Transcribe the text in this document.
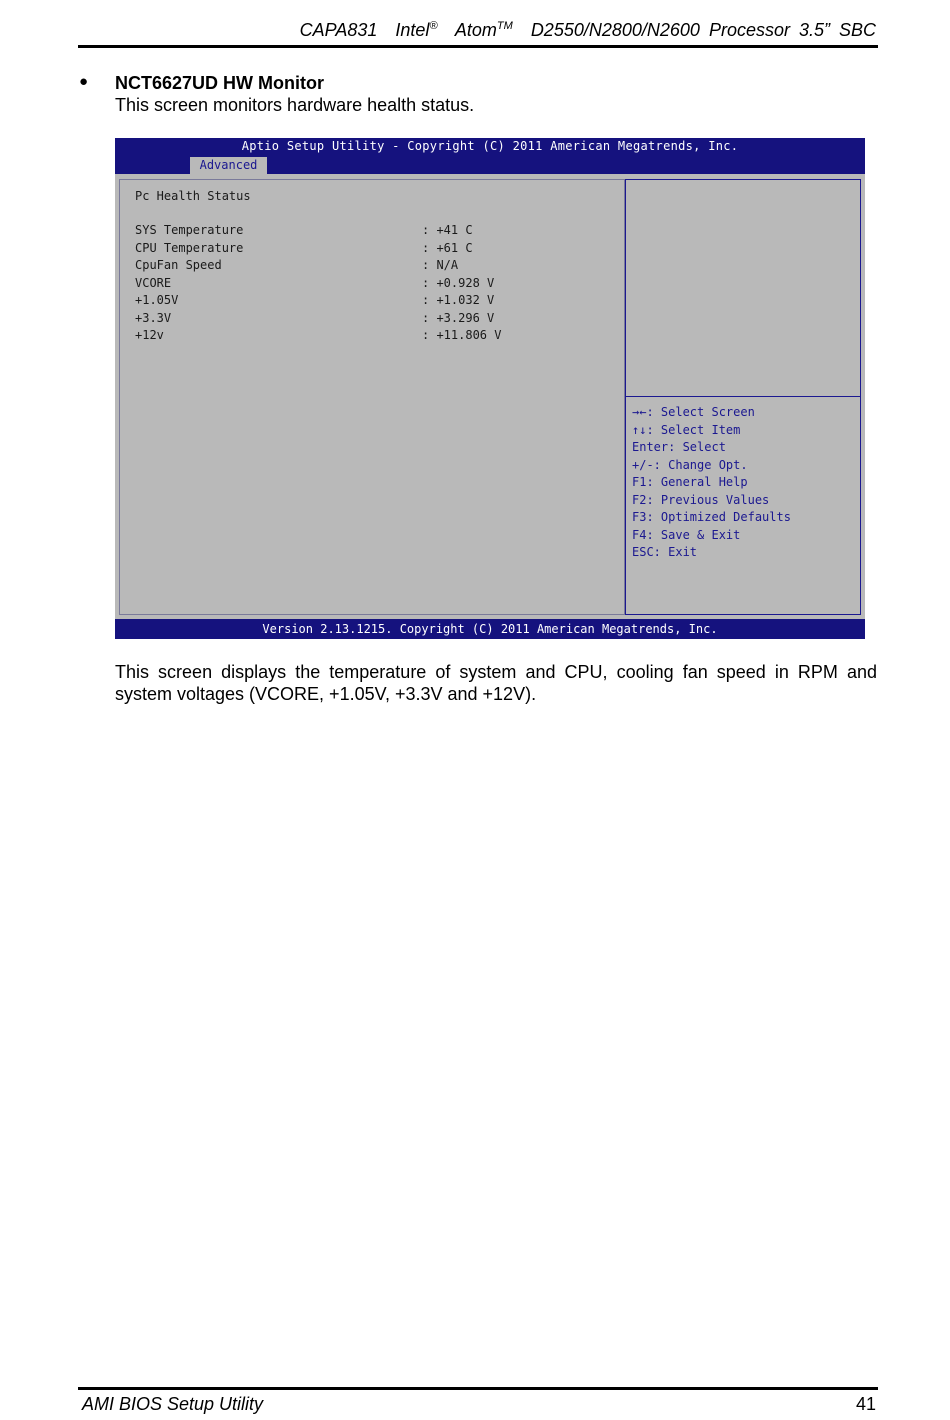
CAPA831 Intel® Atom™ D2550/N2800/N2600 Processor 3.5” SBC
● NCT6627UD HW Monitor
This screen monitors hardware health status.
Aptio Setup Utility - Copyright (C) 2011 American Megatrends, Inc.
Advanced
Pc Health Status
SYS Temperature	: +41 C
CPU Temperature	: +61 C
CpuFan Speed	: N/A
VCORE	: +0.928 V
+1.05V	: +1.032 V
+3.3V	: +3.296 V
+12v	: +11.806 V
→←: Select Screen
↑↓: Select Item
Enter: Select
+/-: Change Opt.
F1: General Help
F2: Previous Values
F3: Optimized Defaults
F4: Save & Exit
ESC: Exit
Version 2.13.1215. Copyright (C) 2011 American Megatrends, Inc.
This screen displays the temperature of system and CPU, cooling fan speed in RPM and system voltages (VCORE, +1.05V, +3.3V and +12V).
AMI BIOS Setup Utility	41
